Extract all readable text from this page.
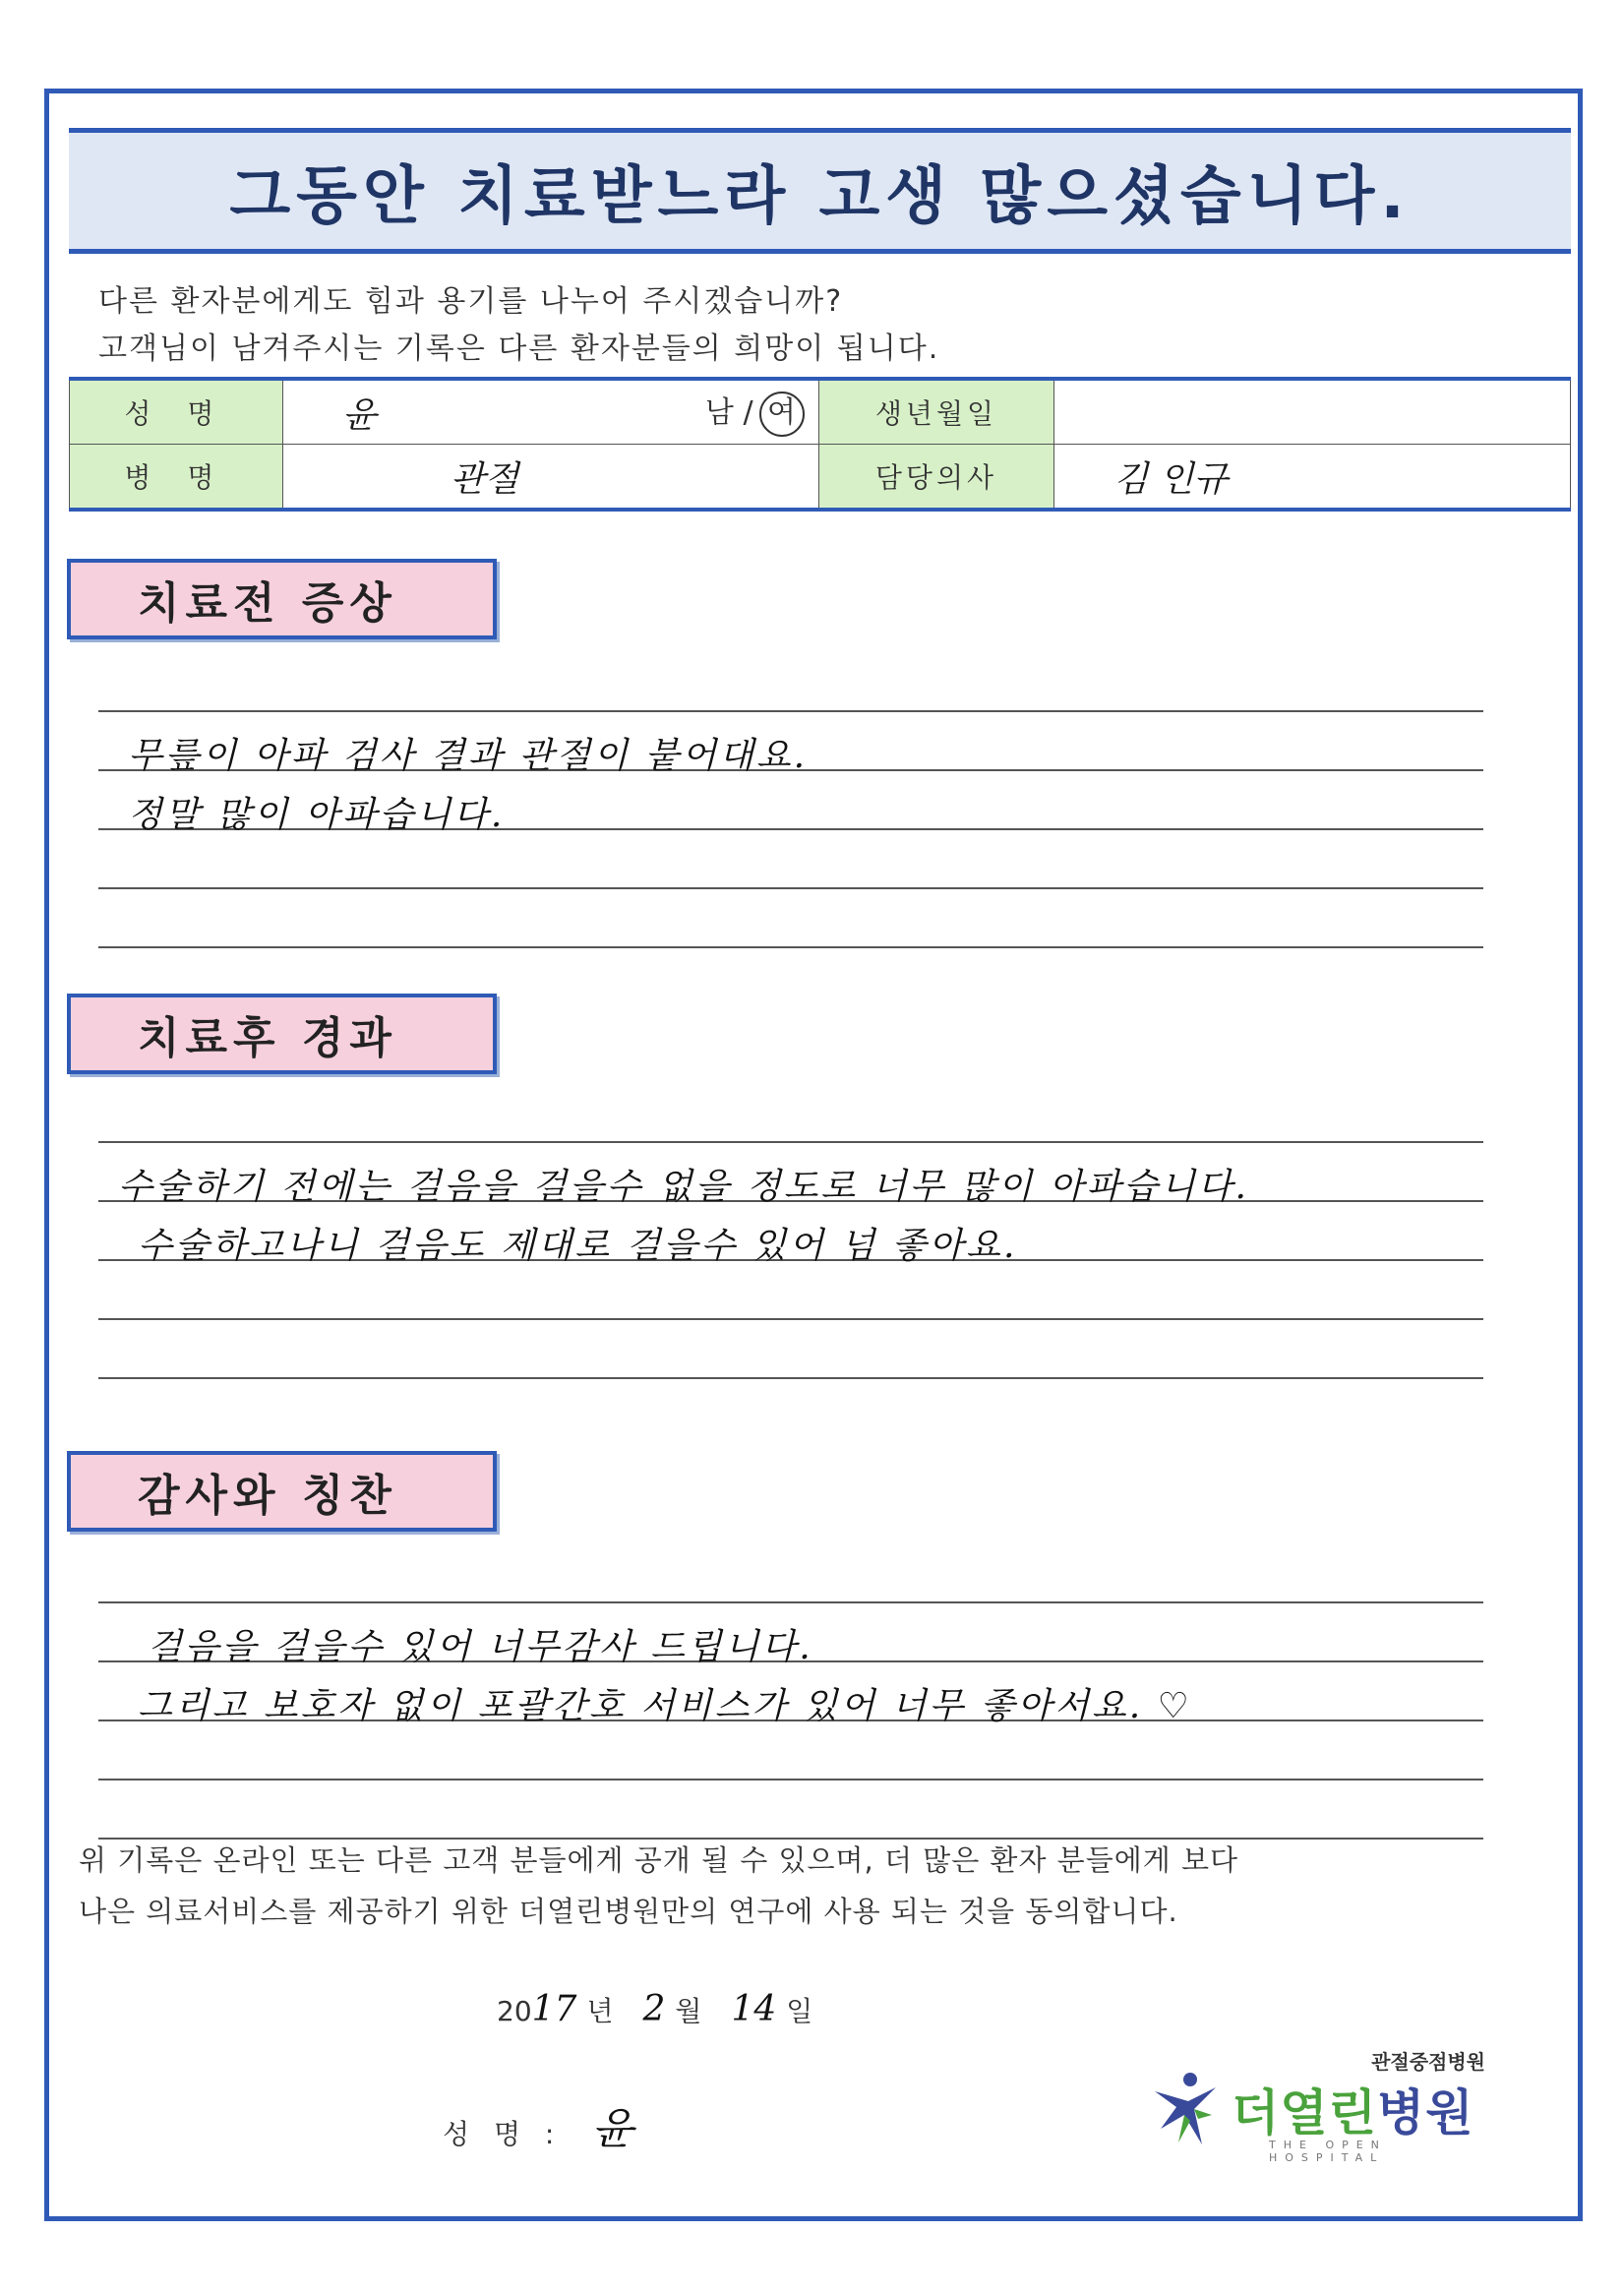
그동안 치료받느라 고생 많으셨습니다.
다른 환자분에게도 힘과 용기를 나누어 주시겠습니까?
고객님이 남겨주시는 기록은 다른 환자분들의 희망이 됩니다.
성 명	윤 남 / 여	생년월일	
병 명	관절	담당의사	김 인규
치료전 증상
무릎이 아파 검사 결과 관절이 붙어대요.
정말 많이 아파습니다.
치료후 경과
수술하기 전에는 걸음을 걸을수 없을 정도로 너무 많이 아파습니다.
수술하고나니 걸음도 제대로 걸을수 있어 넘 좋아요.
감사와 칭찬
걸음을 걸을수 있어 너무감사 드립니다.
그리고 보호자 없이 포괄간호 서비스가 있어 너무 좋아서요. ♡
위 기록은 온라인 또는 다른 고객 분들에게 공개 될 수 있으며, 더 많은 환자 분들에게 보다
나은 의료서비스를 제공하기 위한 더열린병원만의 연구에 사용 되는 것을 동의합니다.
20 17 년 2 월 14 일
성 명 : 윤
관절중점병원
더열린병원
THE OPEN HOSPITAL
